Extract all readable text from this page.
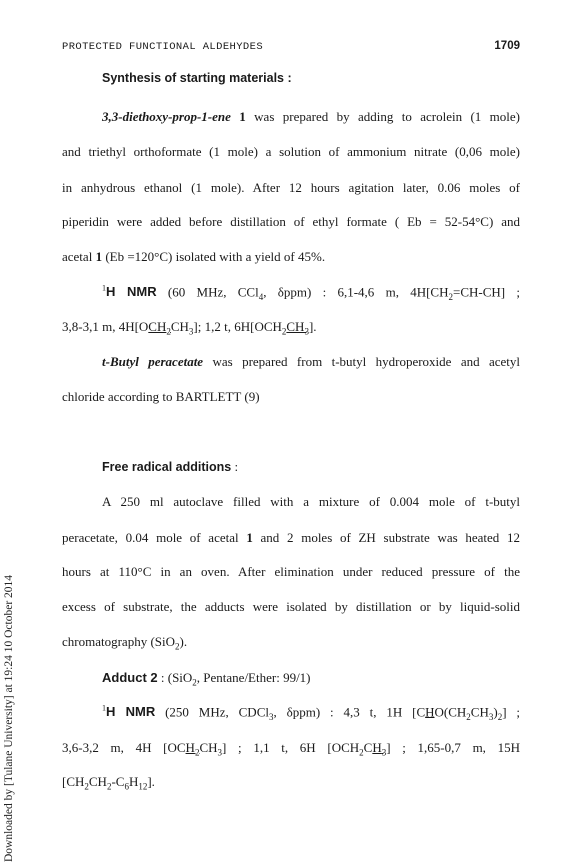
PROTECTED FUNCTIONAL ALDEHYDES	1709
Downloaded by [Tulane University] at 19:24 10 October 2014

Synthesis of starting materials :

3,3-diethoxy-prop-1-ene 1 was prepared by adding to acrolein (1 mole)

and triethyl orthoformate (1 mole) a solution of ammonium nitrate (0,06 mole)

in anhydrous ethanol (1 mole). After 12 hours agitation later, 0.06 moles of

piperidin were added before distillation of ethyl formate ( Eb = 52-54°C) and

acetal 1 (Eb =120°C) isolated with a yield of 45%.

$^1$H NMR (60 MHz, CCl$_4$, δppm) : 6,1-4,6 m, $4H[CH_2=CH-CH]$ ;

3,8-3,1 m, $4H[OCH_2CH_3]$; 1,2 t, $6H[OCH_2CH_3]$.

t-Butyl peracetate was prepared from t-butyl hydroperoxide and acetyl

chloride according to BARTLETT (9)

Free radical additions :

A 250 ml autoclave filled with a mixture of 0.004 mole of t-butyl

peracetate, 0.04 mole of acetal 1 and 2 moles of ZH substrate was heated 12

hours at 110°C in an oven. After elimination under reduced pressure of the

excess of substrate, the adducts were isolated by distillation or by liquid-solid

chromatography (SiO$_2$).

Adduct 2 : (SiO$_2$, Pentane/Ether: 99/1)

$^1$H NMR (250 MHz, CDCl$_3$, δppm) : 4,3 t, 1H $[CHO(CH_2CH_3)_2]$ ;

3,6-3,2 m, 4H $[OCH_2CH_3]$ ; 1,1 t, 6H $[OCH_2CH_3]$ ; 1,65-0,7 m, 15H

$[CH_2CH_2-C_6H_{12}]$.
